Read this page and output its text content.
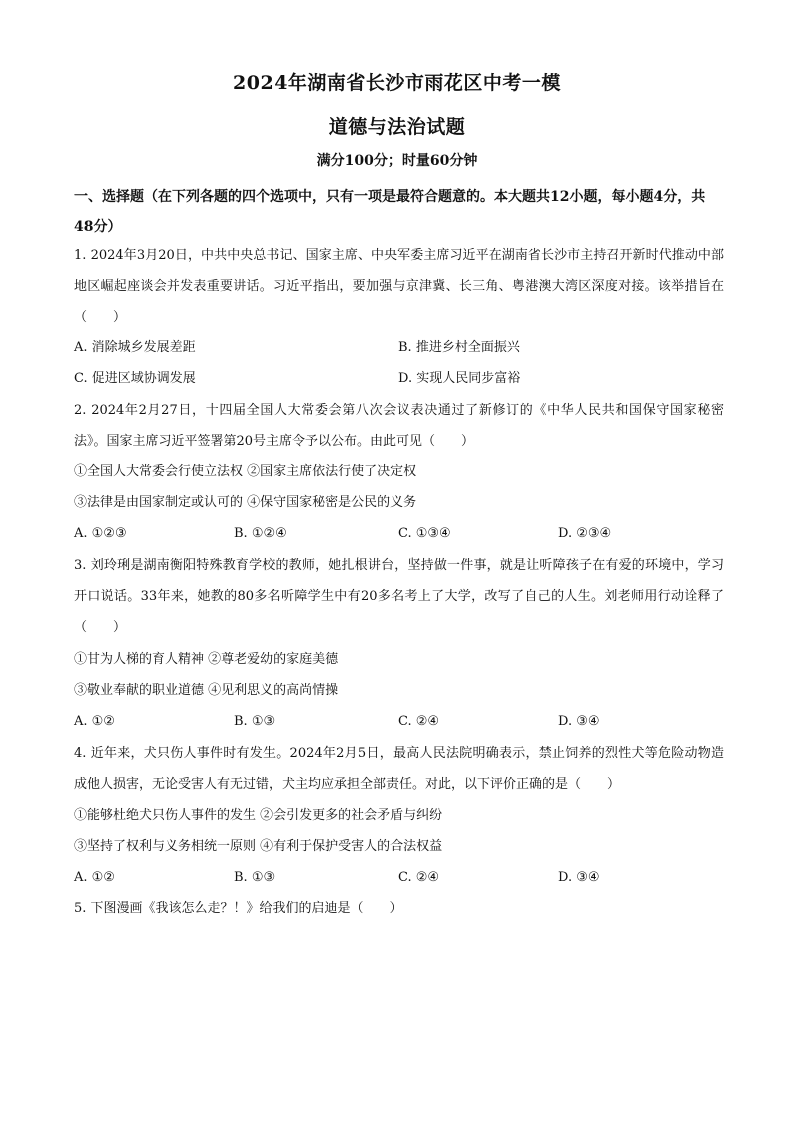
2024年湖南省长沙市雨花区中考一模
道德与法治试题
满分100分；时量60分钟
一、选择题（在下列各题的四个选项中，只有一项是最符合题意的。本大题共12小题，每小题4分，共48分）
1. 2024年3月20日，中共中央总书记、国家主席、中央军委主席习近平在湖南省长沙市主持召开新时代推动中部地区崛起座谈会并发表重要讲话。习近平指出，要加强与京津冀、长三角、粤港澳大湾区深度对接。该举措旨在（　　）
A. 消除城乡发展差距	B. 推进乡村全面振兴
C. 促进区域协调发展	D. 实现人民同步富裕
2. 2024年2月27日，十四届全国人大常委会第八次会议表决通过了新修订的《中华人民共和国保守国家秘密法》。国家主席习近平签署第20号主席令予以公布。由此可见（　　）
①全国人大常委会行使立法权 ②国家主席依法行使了决定权
③法律是由国家制定或认可的 ④保守国家秘密是公民的义务
A. ①②③	B. ①②④	C. ①③④	D. ②③④
3. 刘玲琍是湖南衡阳特殊教育学校的教师，她扎根讲台，坚持做一件事，就是让听障孩子在有爱的环境中，学习开口说话。33年来，她教的80多名听障学生中有20多名考上了大学，改写了自己的人生。刘老师用行动诠释了（　　）
①甘为人梯的育人精神 ②尊老爱幼的家庭美德
③敬业奉献的职业道德 ④见利思义的高尚情操
A. ①②	B. ①③	C. ②④	D. ③④
4. 近年来，犬只伤人事件时有发生。2024年2月5日，最高人民法院明确表示，禁止饲养的烈性犬等危险动物造成他人损害，无论受害人有无过错，犬主均应承担全部责任。对此，以下评价正确的是（　　）
①能够杜绝犬只伤人事件的发生 ②会引发更多的社会矛盾与纠纷
③坚持了权利与义务相统一原则 ④有利于保护受害人的合法权益
A. ①②	B. ①③	C. ②④	D. ③④
5. 下图漫画《我该怎么走？！》给我们的启迪是（　　）
